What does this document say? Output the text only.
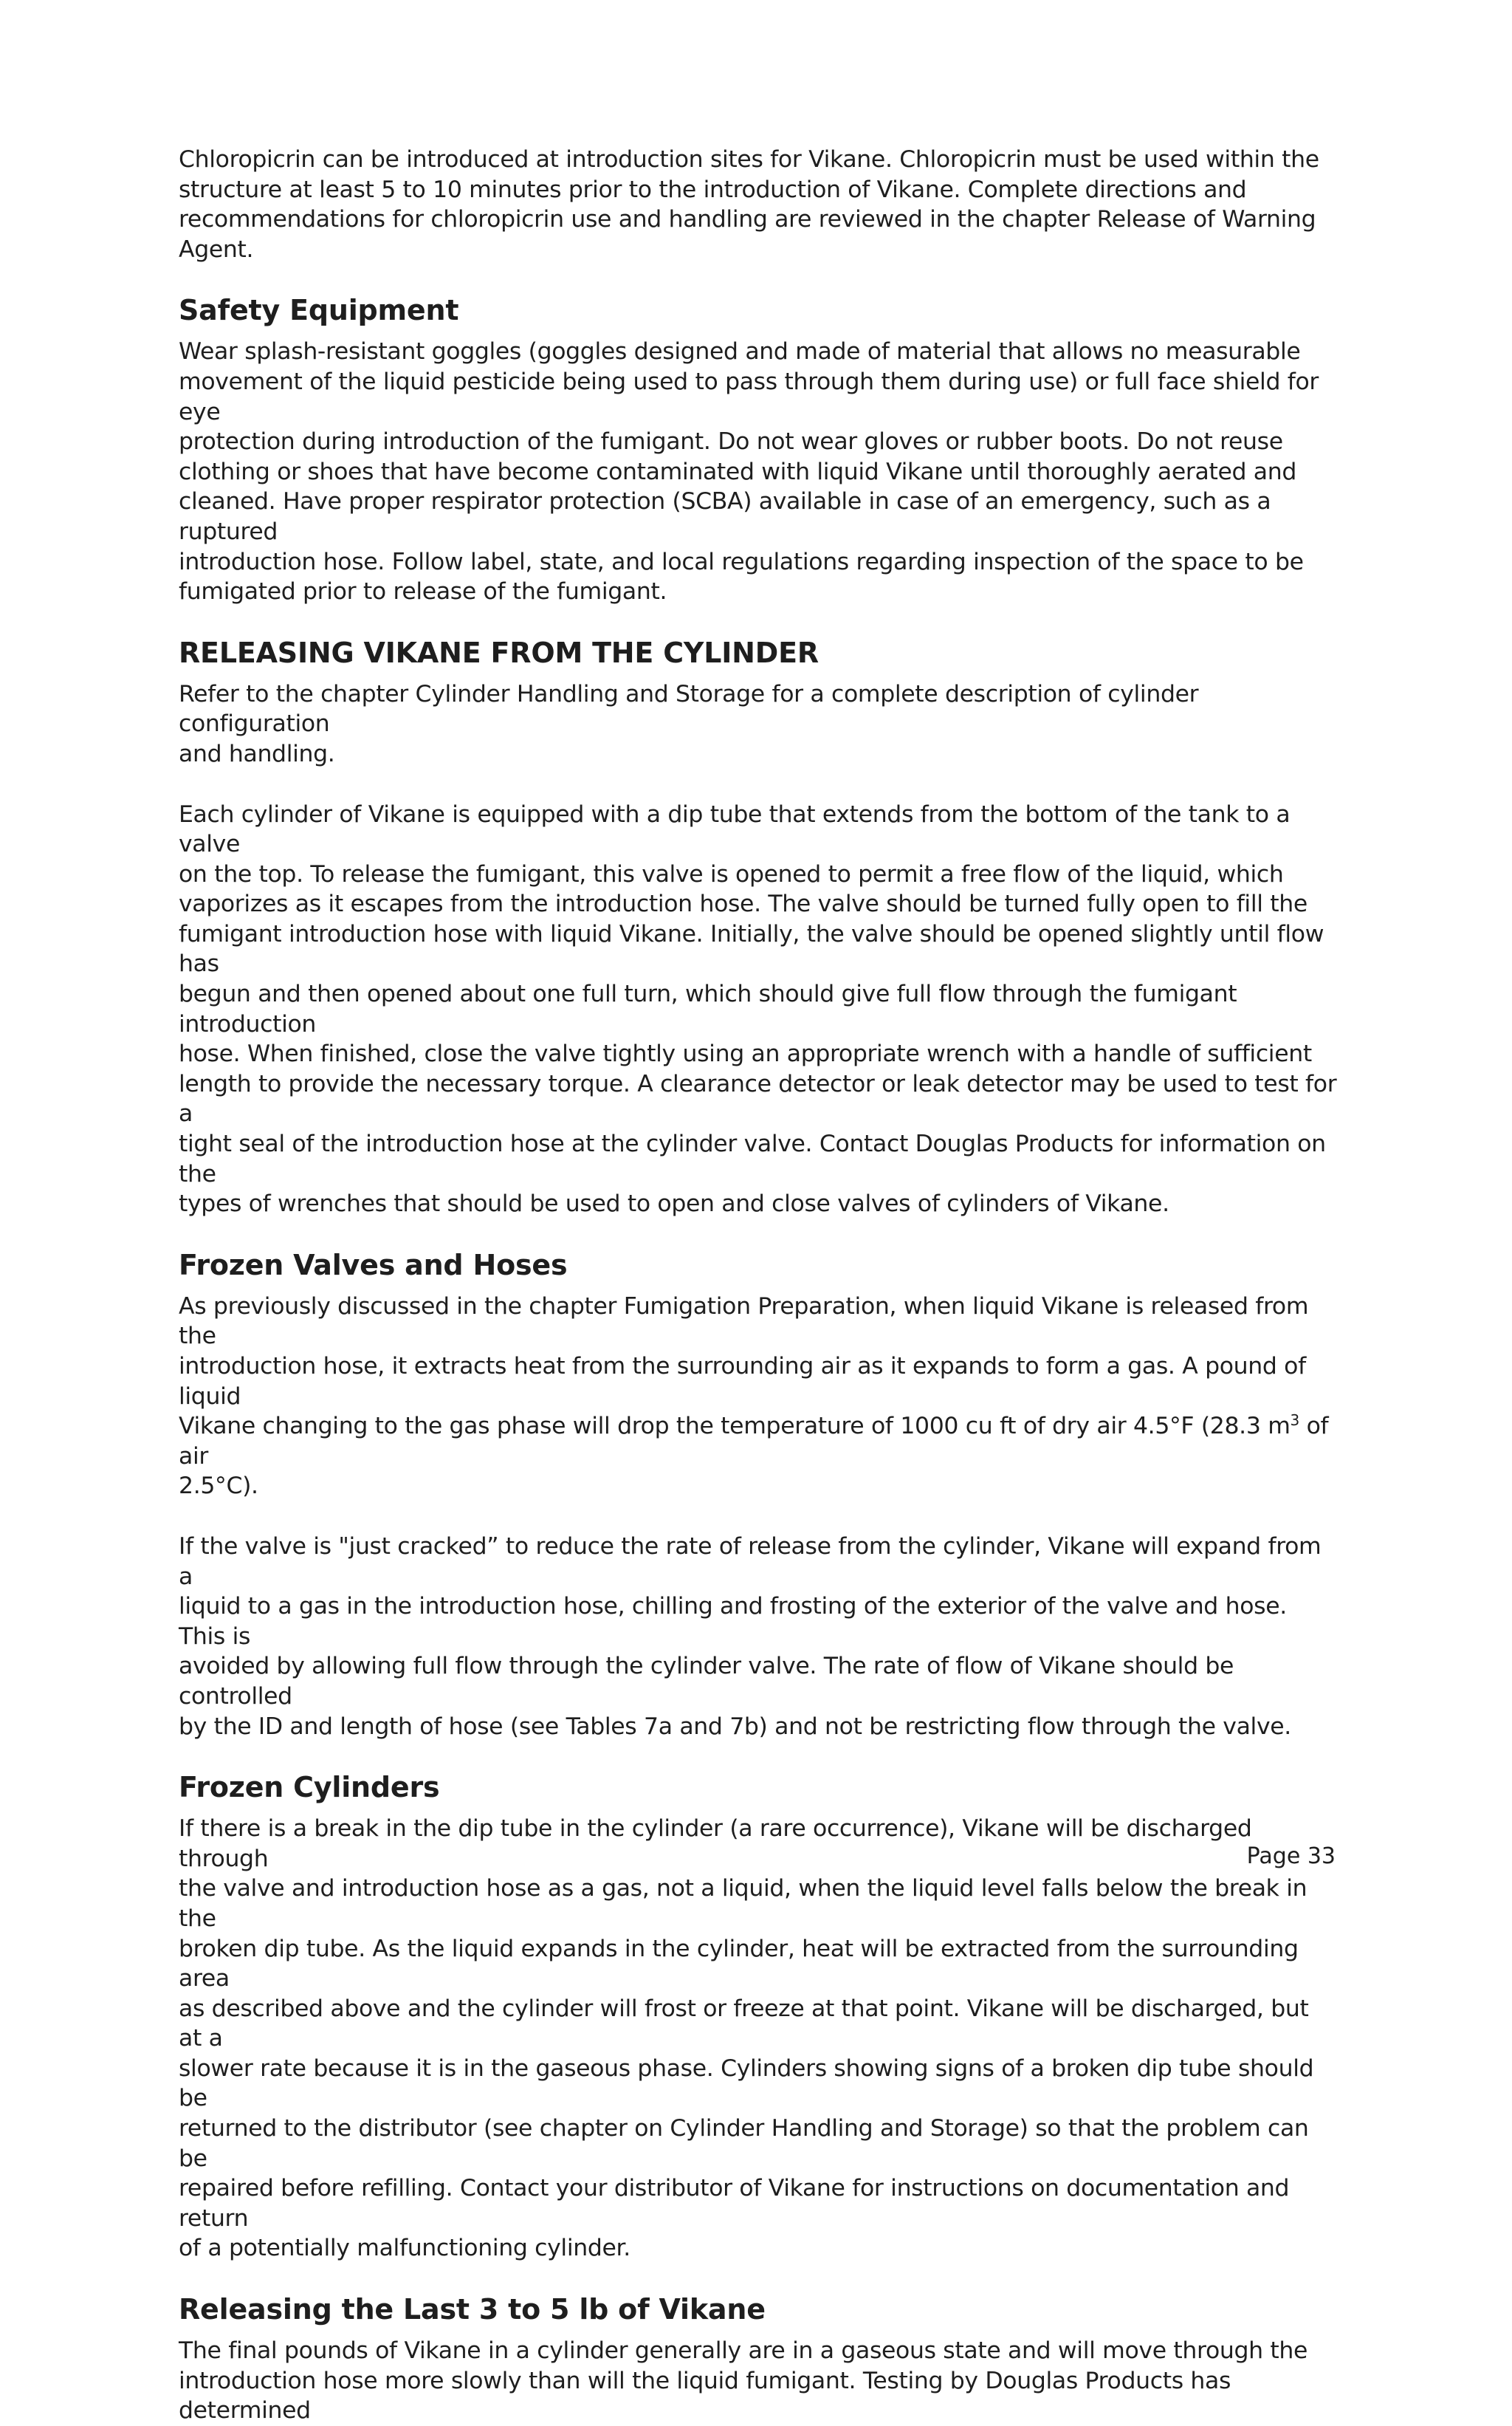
Chloropicrin can be introduced at introduction sites for Vikane. Chloropicrin must be used within the
structure at least 5 to 10 minutes prior to the introduction of Vikane. Complete directions and
recommendations for chloropicrin use and handling are reviewed in the chapter Release of Warning
Agent.

Safety Equipment

Wear splash-resistant goggles (goggles designed and made of material that allows no measurable
movement of the liquid pesticide being used to pass through them during use) or full face shield for eye
protection during introduction of the fumigant. Do not wear gloves or rubber boots. Do not reuse
clothing or shoes that have become contaminated with liquid Vikane until thoroughly aerated and
cleaned. Have proper respirator protection (SCBA) available in case of an emergency, such as a ruptured
introduction hose. Follow label, state, and local regulations regarding inspection of the space to be
fumigated prior to release of the fumigant.

RELEASING VIKANE FROM THE CYLINDER

Refer to the chapter Cylinder Handling and Storage for a complete description of cylinder configuration
and handling.

Each cylinder of Vikane is equipped with a dip tube that extends from the bottom of the tank to a valve
on the top. To release the fumigant, this valve is opened to permit a free flow of the liquid, which
vaporizes as it escapes from the introduction hose. The valve should be turned fully open to fill the
fumigant introduction hose with liquid Vikane. Initially, the valve should be opened slightly until flow has
begun and then opened about one full turn, which should give full flow through the fumigant introduction
hose. When finished, close the valve tightly using an appropriate wrench with a handle of sufficient
length to provide the necessary torque. A clearance detector or leak detector may be used to test for a
tight seal of the introduction hose at the cylinder valve. Contact Douglas Products for information on the
types of wrenches that should be used to open and close valves of cylinders of Vikane.

Frozen Valves and Hoses

As previously discussed in the chapter Fumigation Preparation, when liquid Vikane is released from the
introduction hose, it extracts heat from the surrounding air as it expands to form a gas. A pound of liquid
Vikane changing to the gas phase will drop the temperature of 1000 cu ft of dry air 4.5°F (28.3 $m^3$ of air
2.5°C).

If the valve is "just cracked” to reduce the rate of release from the cylinder, Vikane will expand from a
liquid to a gas in the introduction hose, chilling and frosting of the exterior of the valve and hose. This is
avoided by allowing full flow through the cylinder valve. The rate of flow of Vikane should be controlled
by the ID and length of hose (see Tables 7a and 7b) and not be restricting flow through the valve.

Frozen Cylinders

If there is a break in the dip tube in the cylinder (a rare occurrence), Vikane will be discharged through
the valve and introduction hose as a gas, not a liquid, when the liquid level falls below the break in the
broken dip tube. As the liquid expands in the cylinder, heat will be extracted from the surrounding area
as described above and the cylinder will frost or freeze at that point. Vikane will be discharged, but at a
slower rate because it is in the gaseous phase. Cylinders showing signs of a broken dip tube should be
returned to the distributor (see chapter on Cylinder Handling and Storage) so that the problem can be
repaired before refilling. Contact your distributor of Vikane for instructions on documentation and return
of a potentially malfunctioning cylinder.

Releasing the Last 3 to 5 lb of Vikane

The final pounds of Vikane in a cylinder generally are in a gaseous state and will move through the
introduction hose more slowly than will the liquid fumigant. Testing by Douglas Products has determined

Page 33
